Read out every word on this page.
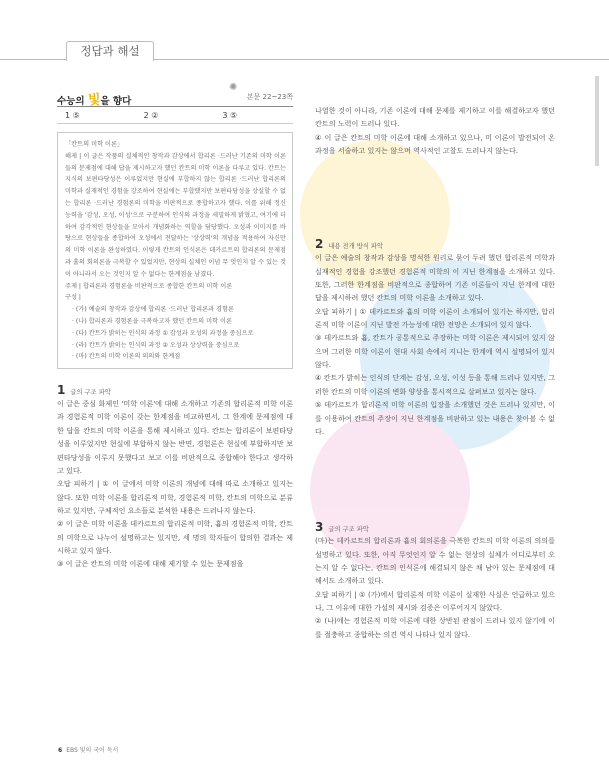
정답과 해설
수능의 빛을 향다
✺
본문 22~23쪽
1 ⑤	2 ②	3 ⑤

「칸트의 미학 이론」

해제 | 이 글은 작품의 실체적인 창작과 감상에서 합리론 ·드러난 기존의 미학 이론들의 문제점에 대해 답을 제시하고자 했던 칸트의 미학 이론을 다루고 있다. 칸트는 지식의 보편타당성은 이루었지만 현실에 부합하지 않는 합리론 ·드러난 합리론의 미학과 실재적인 경험을 강조하여 현실에는 부합했지만 보편타당성을 상실할 수 없는 합리론 ·드러난 경험론의 미학을 비판적으로 종합하고자 했다. 이를 위해 정신 능력을 '감성, 오성, 이성'으로 구분하여 인식의 과정을 세밀하게 밝혔고, 여기에 더하여 감각적인 현상들을 모아서 개념화하는 역할을 담당했다. 오성과 이미지를 바탕으로 현상들을 종합하여 오성에서 전달하는 '상상력'의 개념을 적용하여 자신만의 미학 이론을 완성하였다. 이렇게 칸트의 인식론은 데카르트의 합리론의 문제점과 흄의 회의론을 극복할 수 있었지만, 현상의 실체인 이념 무 엇인지 알 수 있는 것이 아니라서 오는 것인지 알 수 없다는 한계점을 남겼다.

주제 | 합리론과 경험론을 비판적으로 종합한 칸트의 미학 이론

구성 |

· (가) 예술의 창작과 감상에 합리론 ·드러난 합리론과 경험론
· (나) 합리론과 경험론을 극복하고자 했던 칸트의 미학 이론
· (다) 칸트가 밝히는 인식의 과정 ① 감성과 오성의 과정을 중심으로
· (라) 칸트가 밝히는 인식의 과정 ② 오성과 상상력을 중심으로
· (마) 칸트의 미학 이론의 의의와 한계점
1 글의 구조 파악

이 글은 중심 화제인 '미학 이론'에 대해 소개하고 기존의 합리론적 미학 이론과 경험론적 미학 이론이 갖는 한계점을 비교하면서, 그 한계에 문제점에 대한 답을 칸트의 미학 이론을 통해 제시하고 있다. 칸트는 합리론이 보편타당성을 이루었지만 현실에 부합하지 않는 반면, 경험론은 현실에 부합하지만 보편타당성을 이루지 못했다고 보고 이를 비판적으로 종합해야 한다고 생각하고 있다.

오답 피하기 | ① 이 글에서 미학 이론의 개념에 대해 따로 소개하고 있지는 않다. 또한 미학 이론을 합리론적 미학, 경험론적 미학, 칸트의 미학으로 분류하고 있지만, 구체적인 요소들로 분석한 내용은 드러나지 않는다.

② 이 글은 미학 이론을 데카르트의 합리론적 미학, 흄의 경험론적 미학, 칸트의 미학으로 나누어 설명하고는 있지만, 세 명의 학자들이 합의한 결과는 제시하고 있지 않다.

③ 이 글은 칸트의 미학 이론에 대해 제기할 수 있는 문제점을

나열한 것이 아니라, 기존 이론에 대해 문제를 제기하고 이를 해결하고자 했던 칸트의 노력이 드러나 있다.

④ 이 글은 칸트의 미학 이론에 대해 소개하고 있으나, 미 이론이 발전되어 온 과정을 서술하고 있지는 않으며 역사적인 고찰도 드러나지 않는다.

2 내용 전개 방식 파악

이 글은 예술의 창작과 감상을 명석한 원리로 묶어 두려 했던 합리론적 미학과 실재적인 경험을 강조했던 경험론적 미학의 이 지닌 한계점을 소개하고 있다. 또한, 그러한 한계점을 비판적으로 종합하여 기존 이론들이 지닌 한계에 대한 답을 제시하려 했던 칸트의 미학 이론을 소개하고 있다.

오답 피하기 | ① 데카르트와 흄의 미학 이론이 소개되어 있기는 하지만, 합리론적 미학 이론이 지닌 발전 가능성에 대한 전망은 소개되어 있지 않다.

③ 데카르트와 흄, 칸트가 공통적으로 주장하는 미학 이론은 제시되어 있지 않으며 그러한 미학 이론이 현대 사회 속에서 지니는 한계에 역시 설명되어 있지 않다.

④ 칸트가 밝히는 인식의 단계는 감성, 오성, 이성 등을 통해 드러나 있지만, 그러한 칸트의 미학 이론의 변화 양상을 통시적으로 살펴보고 있지는 않다.

⑤ 데카르트가 합리론적 미학 이론의 입장을 소개했던 것은 드러나 있지만, 이를 이용하여 칸트의 주장이 지닌 한계점을 비판하고 있는 내용은 찾아볼 수 없다.

3 글의 구조 파악

(마)는 데카르트의 합리론과 흄의 회의론을 극복한 칸트의 미학 이론의 의의를 설명하고 있다. 또한, 아직 무엇인지 알 수 없는 현상의 실체가 어디로부터 오는지 알 수 없다는, 칸트의 인식론에 해결되지 않은 채 남아 있는 문제점에 대해서도 소개하고 있다.

오답 피하기 | ① (가)에서 합리론적 미학 이론이 실재한 사실은 언급하고 있으나, 그 이유에 대한 가설의 제시와 검증은 이루어지지 않았다.

② (나)에는 경험론적 미학 이론에 대한 상반된 관점이 드러나 있지 않기에 이를 절충하고 종합하는 의견 역시 나타나 있지 않다.

6 EBS 빛의 국어 독서
